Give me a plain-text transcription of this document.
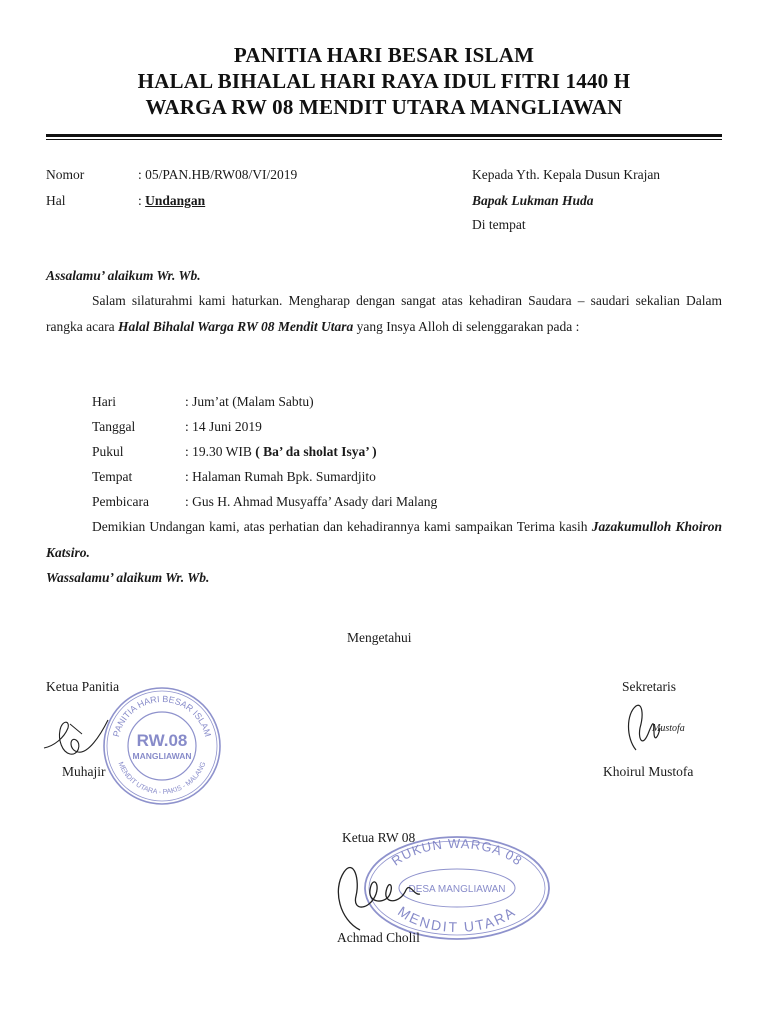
PANITIA HARI BESAR ISLAM
HALAL BIHALAL HARI RAYA IDUL FITRI 1440 H
WARGA RW 08 MENDIT UTARA MANGLIAWAN
Nomor	: 05/PAN.HB/RW08/VI/2019
Hal	: Undangan
Kepada Yth. Kepala Dusun Krajan
Bapak Lukman Huda
Di tempat
Assalamu’ alaikum Wr. Wb.
Salam silaturahmi kami haturkan. Mengharap dengan sangat atas kehadiran Saudara – saudari sekalian Dalam rangka acara Halal Bihalal Warga RW 08 Mendit Utara yang Insya Alloh di selenggarakan pada :
Hari	: Jum’at (Malam Sabtu)
Tanggal	: 14 Juni 2019
Pukul	: 19.30 WIB ( Ba’ da sholat Isya’ )
Tempat	: Halaman Rumah Bpk. Sumardjito
Pembicara	: Gus H. Ahmad Musyaffa’ Asady dari Malang
Demikian Undangan kami, atas perhatian dan kehadirannya kami sampaikan Terima kasih Jazakumulloh Khoiron Katsiro.
Wassalamu’ alaikum Wr. Wb.
Mengetahui
Ketua Panitia	Sekretaris
PANITIA HARI BESAR ISLAM
MENDIT UTARA - PAKIS - MALANG
RW.08
MANGLIAWAN
Mustofa
Muhajir	Khoirul Mustofa
Ketua RW 08
RUKUN WARGA 08
MENDIT UTARA
DESA MANGLIAWAN
Achmad Cholil
